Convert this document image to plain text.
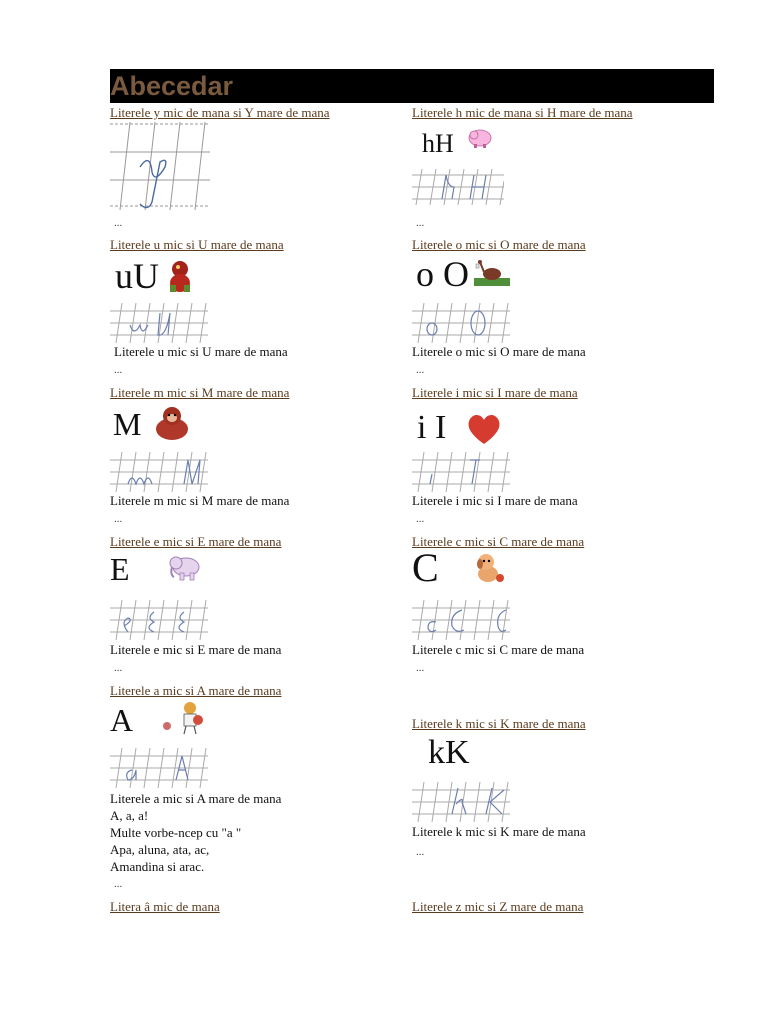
Abecedar
Literele y mic de mana si Y mare de mana
...
Literele u mic si U mare de mana
uU
Literele u mic si U mare de mana
...
Literele m mic si M mare de mana
M
Literele m mic si M mare de mana
...
Literele e mic si E mare de mana
E
Literele e mic si E mare de mana
...
Literele a mic si A mare de mana
A
Literele a mic si A mare de mana
A, a, a!
Multe vorbe-ncep cu "a "
Apa, aluna, ata, ac,
Amandina si arac.
...
Litera â mic de mana
Literele h mic de mana si H mare de mana
hH
...
Literele o mic si O mare de mana
o O
Literele o mic si O mare de mana
...
Literele i mic si I mare de mana
i I
Literele i mic si I mare de mana
...
Literele c mic si C mare de mana
C
Literele c mic si C mare de mana
...
Literele k mic si K mare de mana
kK
Literele k mic si K mare de mana
...
Literele z mic si Z mare de mana
